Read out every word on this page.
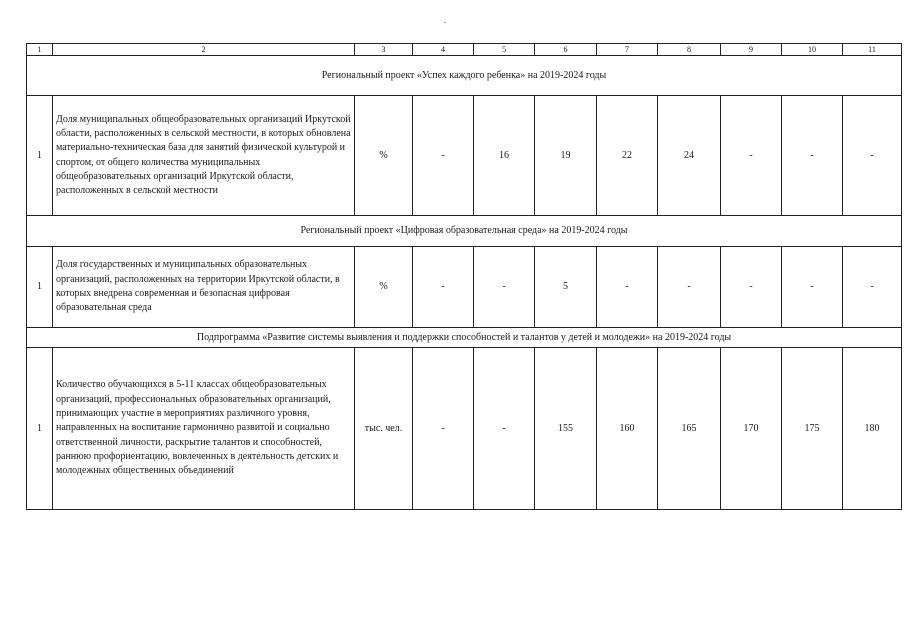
1	2	3	4	5	6	7	8	9	10	11
Региональный проект «Успех каждого ребенка» на 2019-2024 годы										
1	Доля муниципальных общеобразовательных организаций Иркутской области, расположенных в сельской местности, в которых обновлена материально-техническая база для занятий физической культурой и спортом, от общего количества муниципальных общеобразовательных организаций Иркутской области, расположенных в сельской местности	%	-	16	19	22	24	-	-	-
Региональный проект «Цифровая образовательная среда» на 2019-2024 годы										
1	Доля государственных и муниципальных образовательных организаций, расположенных на территории Иркутской области, в которых внедрена современная и безопасная цифровая образовательная среда	%	-	-	5	-	-	-	-	-
Подпрограмма «Развитие системы выявления и поддержки способностей и талантов у детей и молодежи» на 2019-2024 годы										
1	Количество обучающихся в 5-11 классах общеобразовательных организаций, профессиональных образовательных организаций, принимающих участие в мероприятиях различного уровня, направленных на воспитание гармонично развитой и социально ответственной личности, раскрытие талантов и способностей, раннюю профориентацию, вовлеченных в деятельность детских и молодежных общественных объединений	тыс. чел.	-	-	155	160	165	170	175	180
